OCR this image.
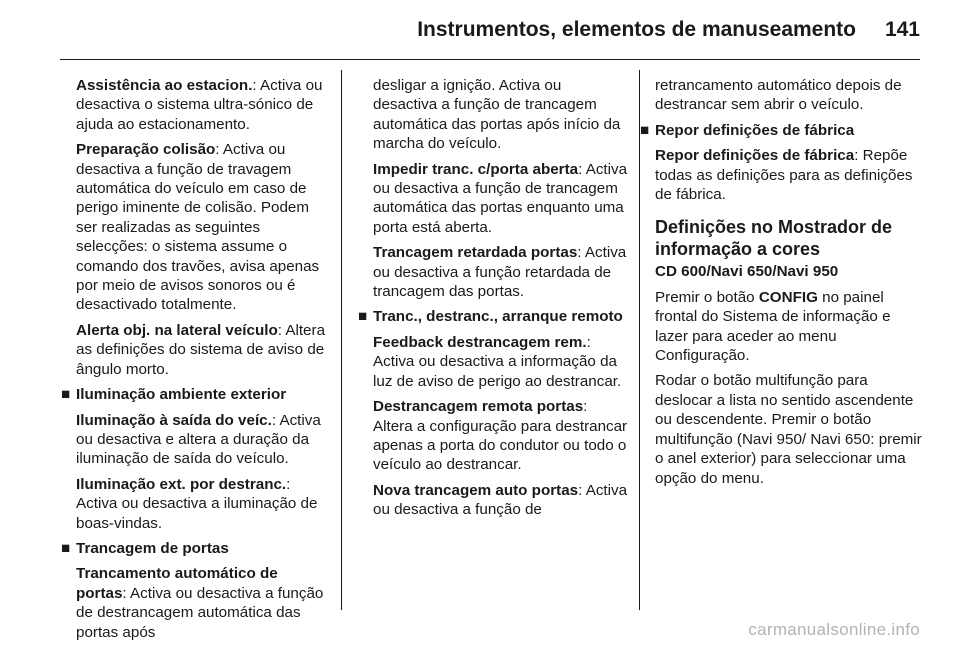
Instrumentos, elementos de manuseamento 141

Assistência ao estacion.: Activa ou desactiva o sistema ultra-sónico de ajuda ao estacionamento.

Preparação colisão: Activa ou desactiva a função de travagem automática do veículo em caso de perigo iminente de colisão. Podem ser realizadas as seguintes selecções: o sistema assume o comando dos travões, avisa apenas por meio de avisos sonoros ou é desactivado totalmente.

Alerta obj. na lateral veículo: Altera as definições do sistema de aviso de ângulo morto.

■ Iluminação ambiente exterior

Iluminação à saída do veíc.: Activa ou desactiva e altera a duração da iluminação de saída do veículo.

Iluminação ext. por destranc.: Activa ou desactiva a iluminação de boas-vindas.

■ Trancagem de portas

Trancamento automático de portas: Activa ou desactiva a função de destrancagem automática das portas após

desligar a ignição. Activa ou desactiva a função de trancagem automática das portas após início da marcha do veículo.

Impedir tranc. c/porta aberta: Activa ou desactiva a função de trancagem automática das portas enquanto uma porta está aberta.

Trancagem retardada portas: Activa ou desactiva a função retardada de trancagem das portas.

■ Tranc., destranc., arranque remoto

Feedback destrancagem rem.: Activa ou desactiva a informação da luz de aviso de perigo ao destrancar.

Destrancagem remota portas: Altera a configuração para destrancar apenas a porta do condutor ou todo o veículo ao destrancar.

Nova trancagem auto portas: Activa ou desactiva a função de

retrancamento automático depois de destrancar sem abrir o veículo.

■ Repor definições de fábrica

Repor definições de fábrica: Repõe todas as definições para as definições de fábrica.

Definições no Mostrador de informação a cores
CD 600/Navi 650/Navi 950

Premir o botão CONFIG no painel frontal do Sistema de informação e lazer para aceder ao menu Configuração.

Rodar o botão multifunção para deslocar a lista no sentido ascendente ou descendente. Premir o botão multifunção (Navi 950/ Navi 650: premir o anel exterior) para seleccionar uma opção do menu.

carmanualsonline.info
